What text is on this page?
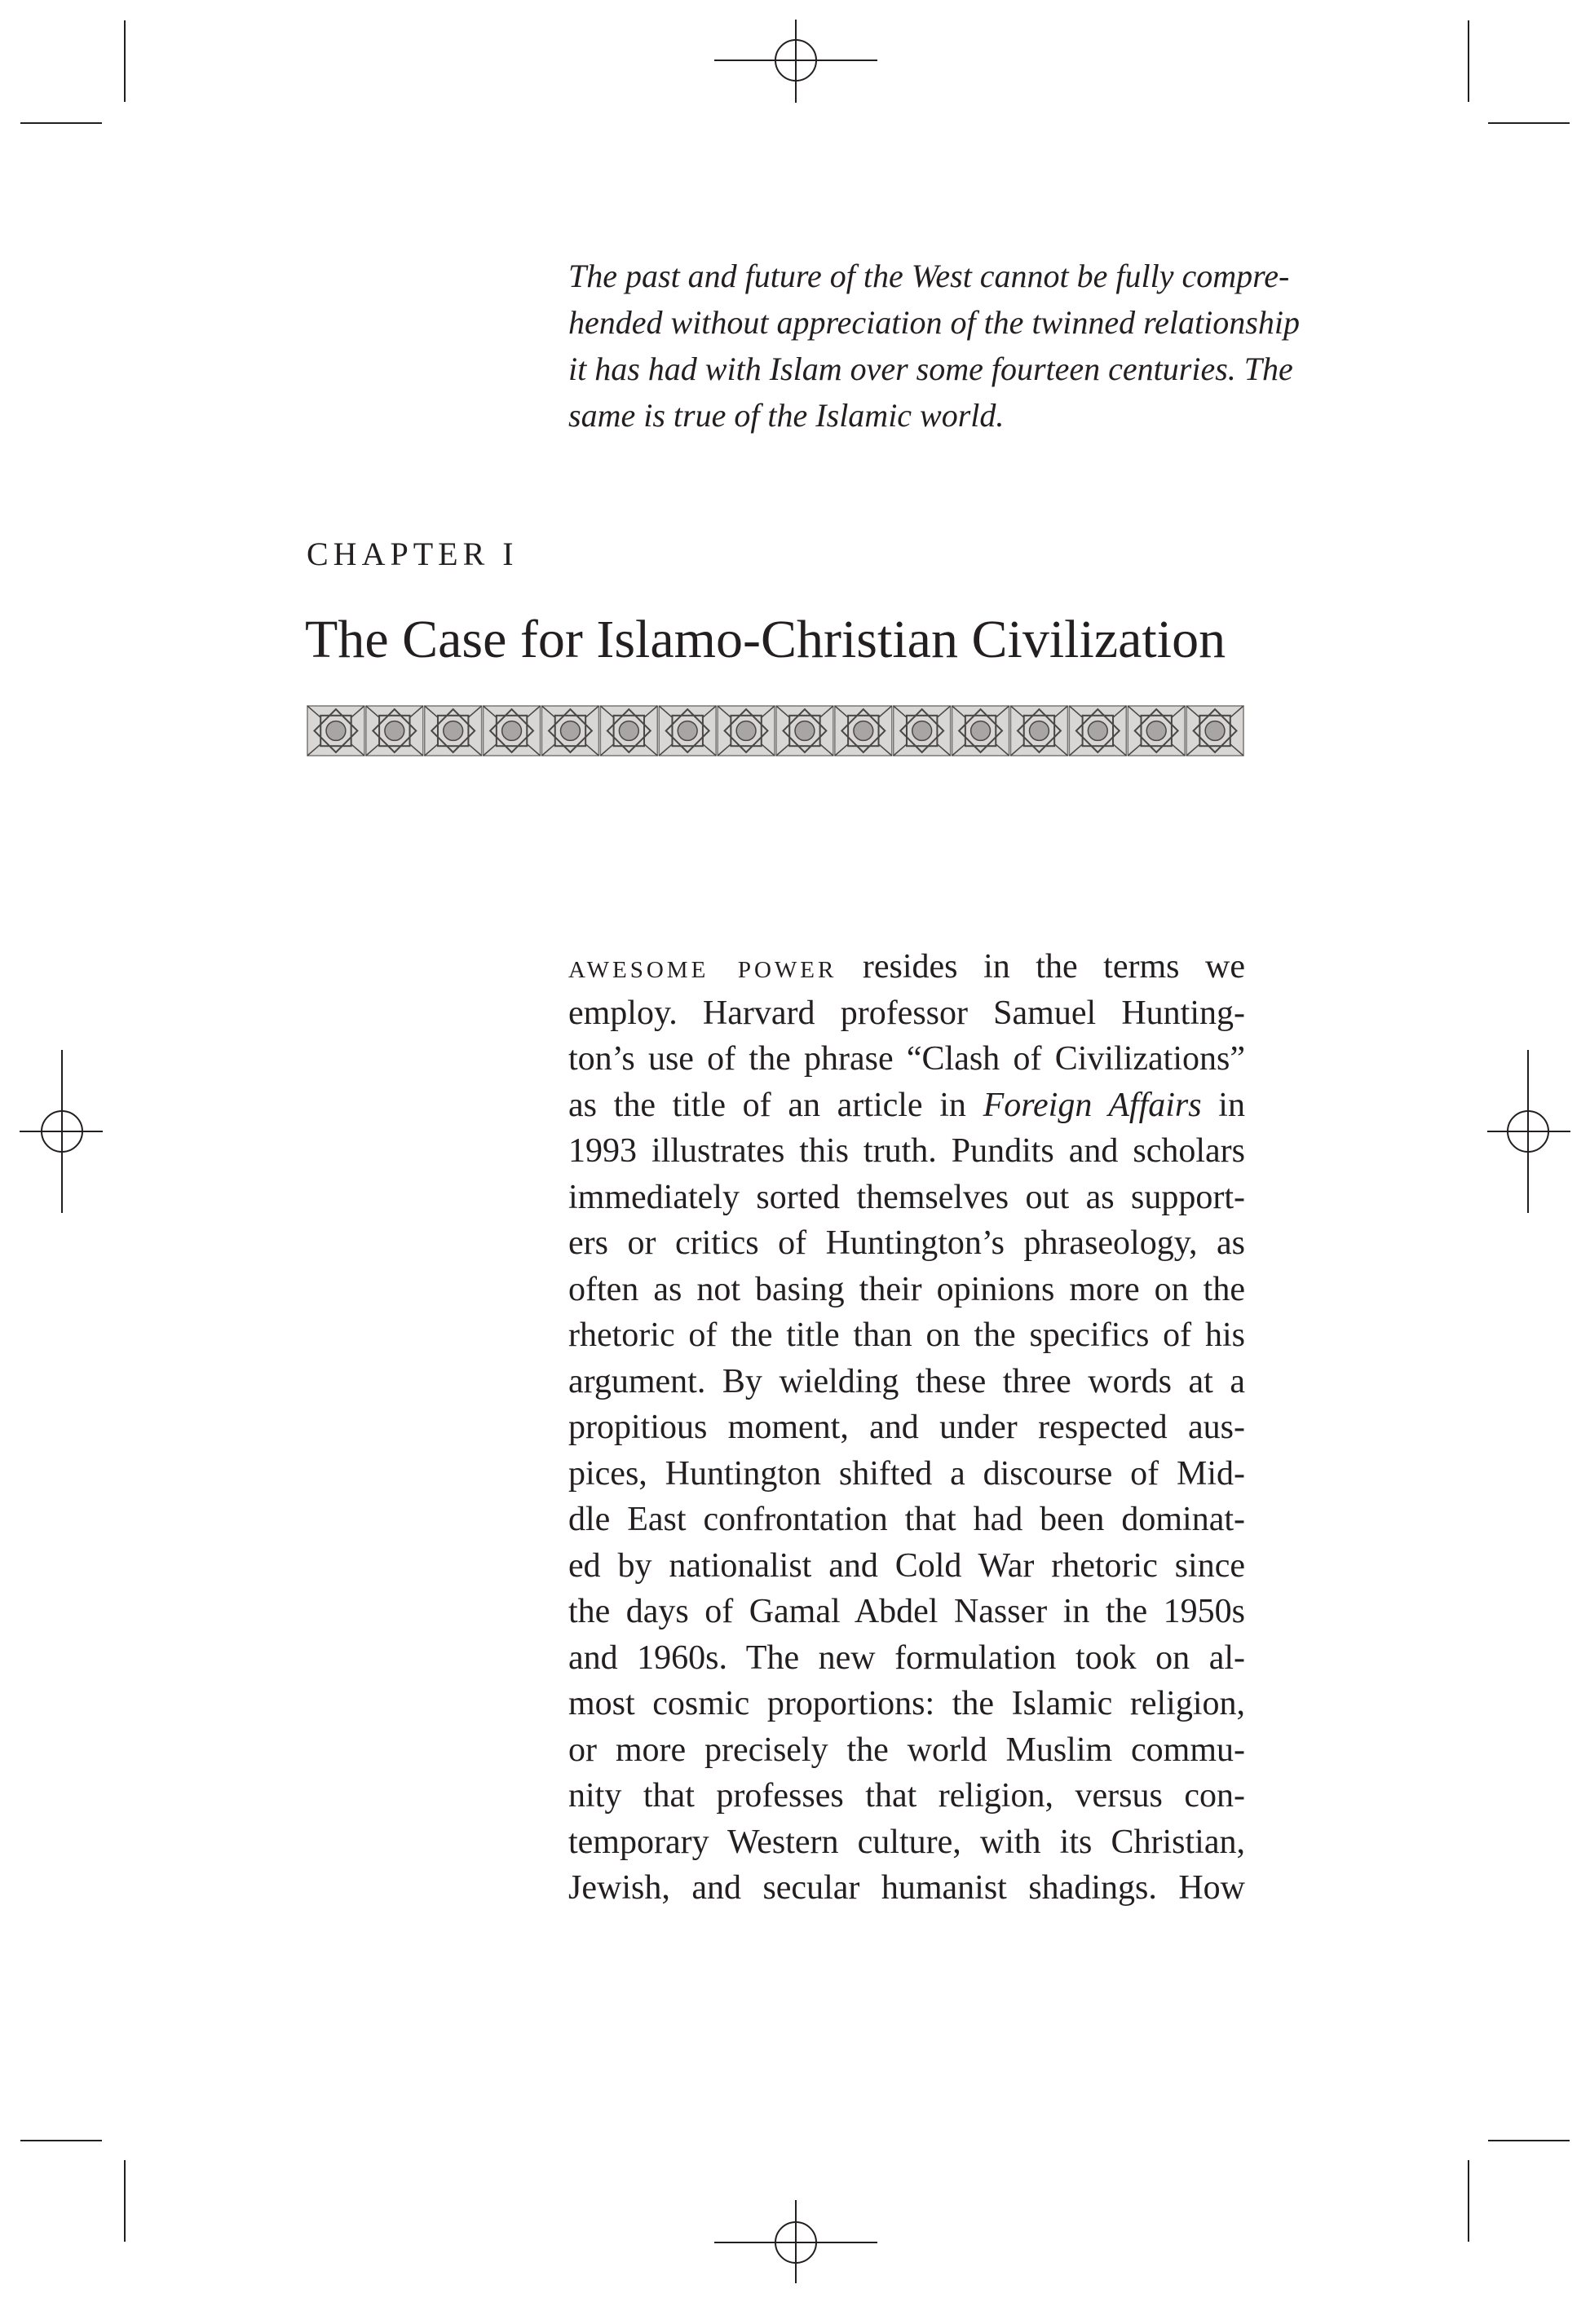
The past and future of the West cannot be fully compre-
hended without appreciation of the twinned relationship
it has had with Islam over some fourteen centuries. The
same is true of the Islamic world.
CHAPTER I
The Case for Islamo-Christian Civilization
awesome power resides in the terms we
employ. Harvard professor Samuel Hunting-
ton’s use of the phrase “Clash of Civilizations”
as the title of an article in Foreign Affairs in
1993 illustrates this truth. Pundits and scholars
immediately sorted themselves out as support-
ers or critics of Huntington’s phraseology, as
often as not basing their opinions more on the
rhetoric of the title than on the specifics of his
argument. By wielding these three words at a
propitious moment, and under respected aus-
pices, Huntington shifted a discourse of Mid-
dle East confrontation that had been dominat-
ed by nationalist and Cold War rhetoric since
the days of Gamal Abdel Nasser in the 1950s
and 1960s. The new formulation took on al-
most cosmic proportions: the Islamic religion,
or more precisely the world Muslim commu-
nity that professes that religion, versus con-
temporary Western culture, with its Christian,
Jewish, and secular humanist shadings. How
